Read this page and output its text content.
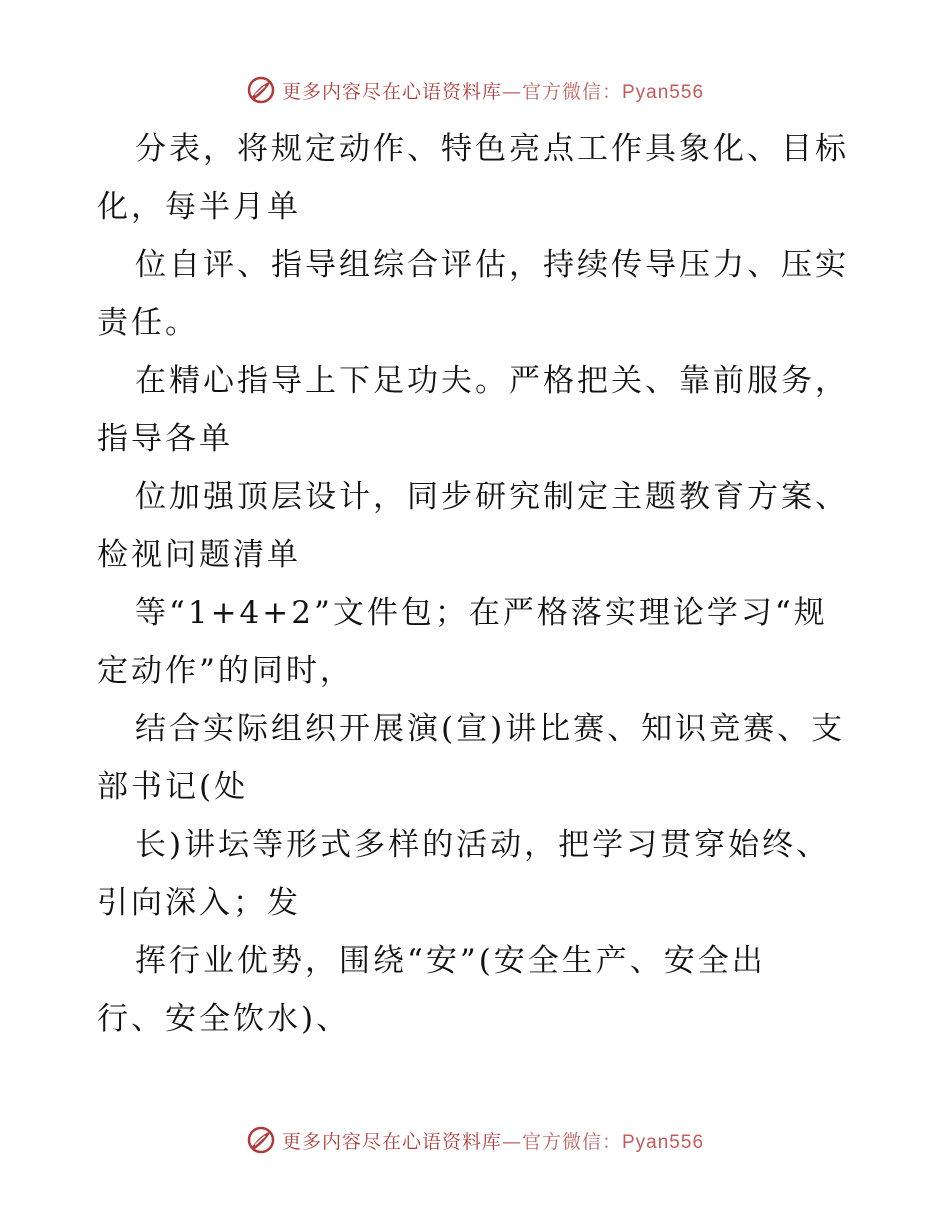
更多内容尽在心语资料库—官方微信：Pyan556

分表，将规定动作、特色亮点工作具象化、目标
化，每半月单

位自评、指导组综合评估，持续传导压力、压实
责任。

在精心指导上下足功夫。严格把关、靠前服务，
指导各单

位加强顶层设计，同步研究制定主题教育方案、
检视问题清单

等“1+4+2”文件包；在严格落实理论学习“规
定动作”的同时，

结合实际组织开展演(宣)讲比赛、知识竞赛、支
部书记(处

长)讲坛等形式多样的活动，把学习贯穿始终、
引向深入；发

挥行业优势，围绕“安”(安全生产、安全出
行、安全饮水)、

更多内容尽在心语资料库—官方微信：Pyan556
